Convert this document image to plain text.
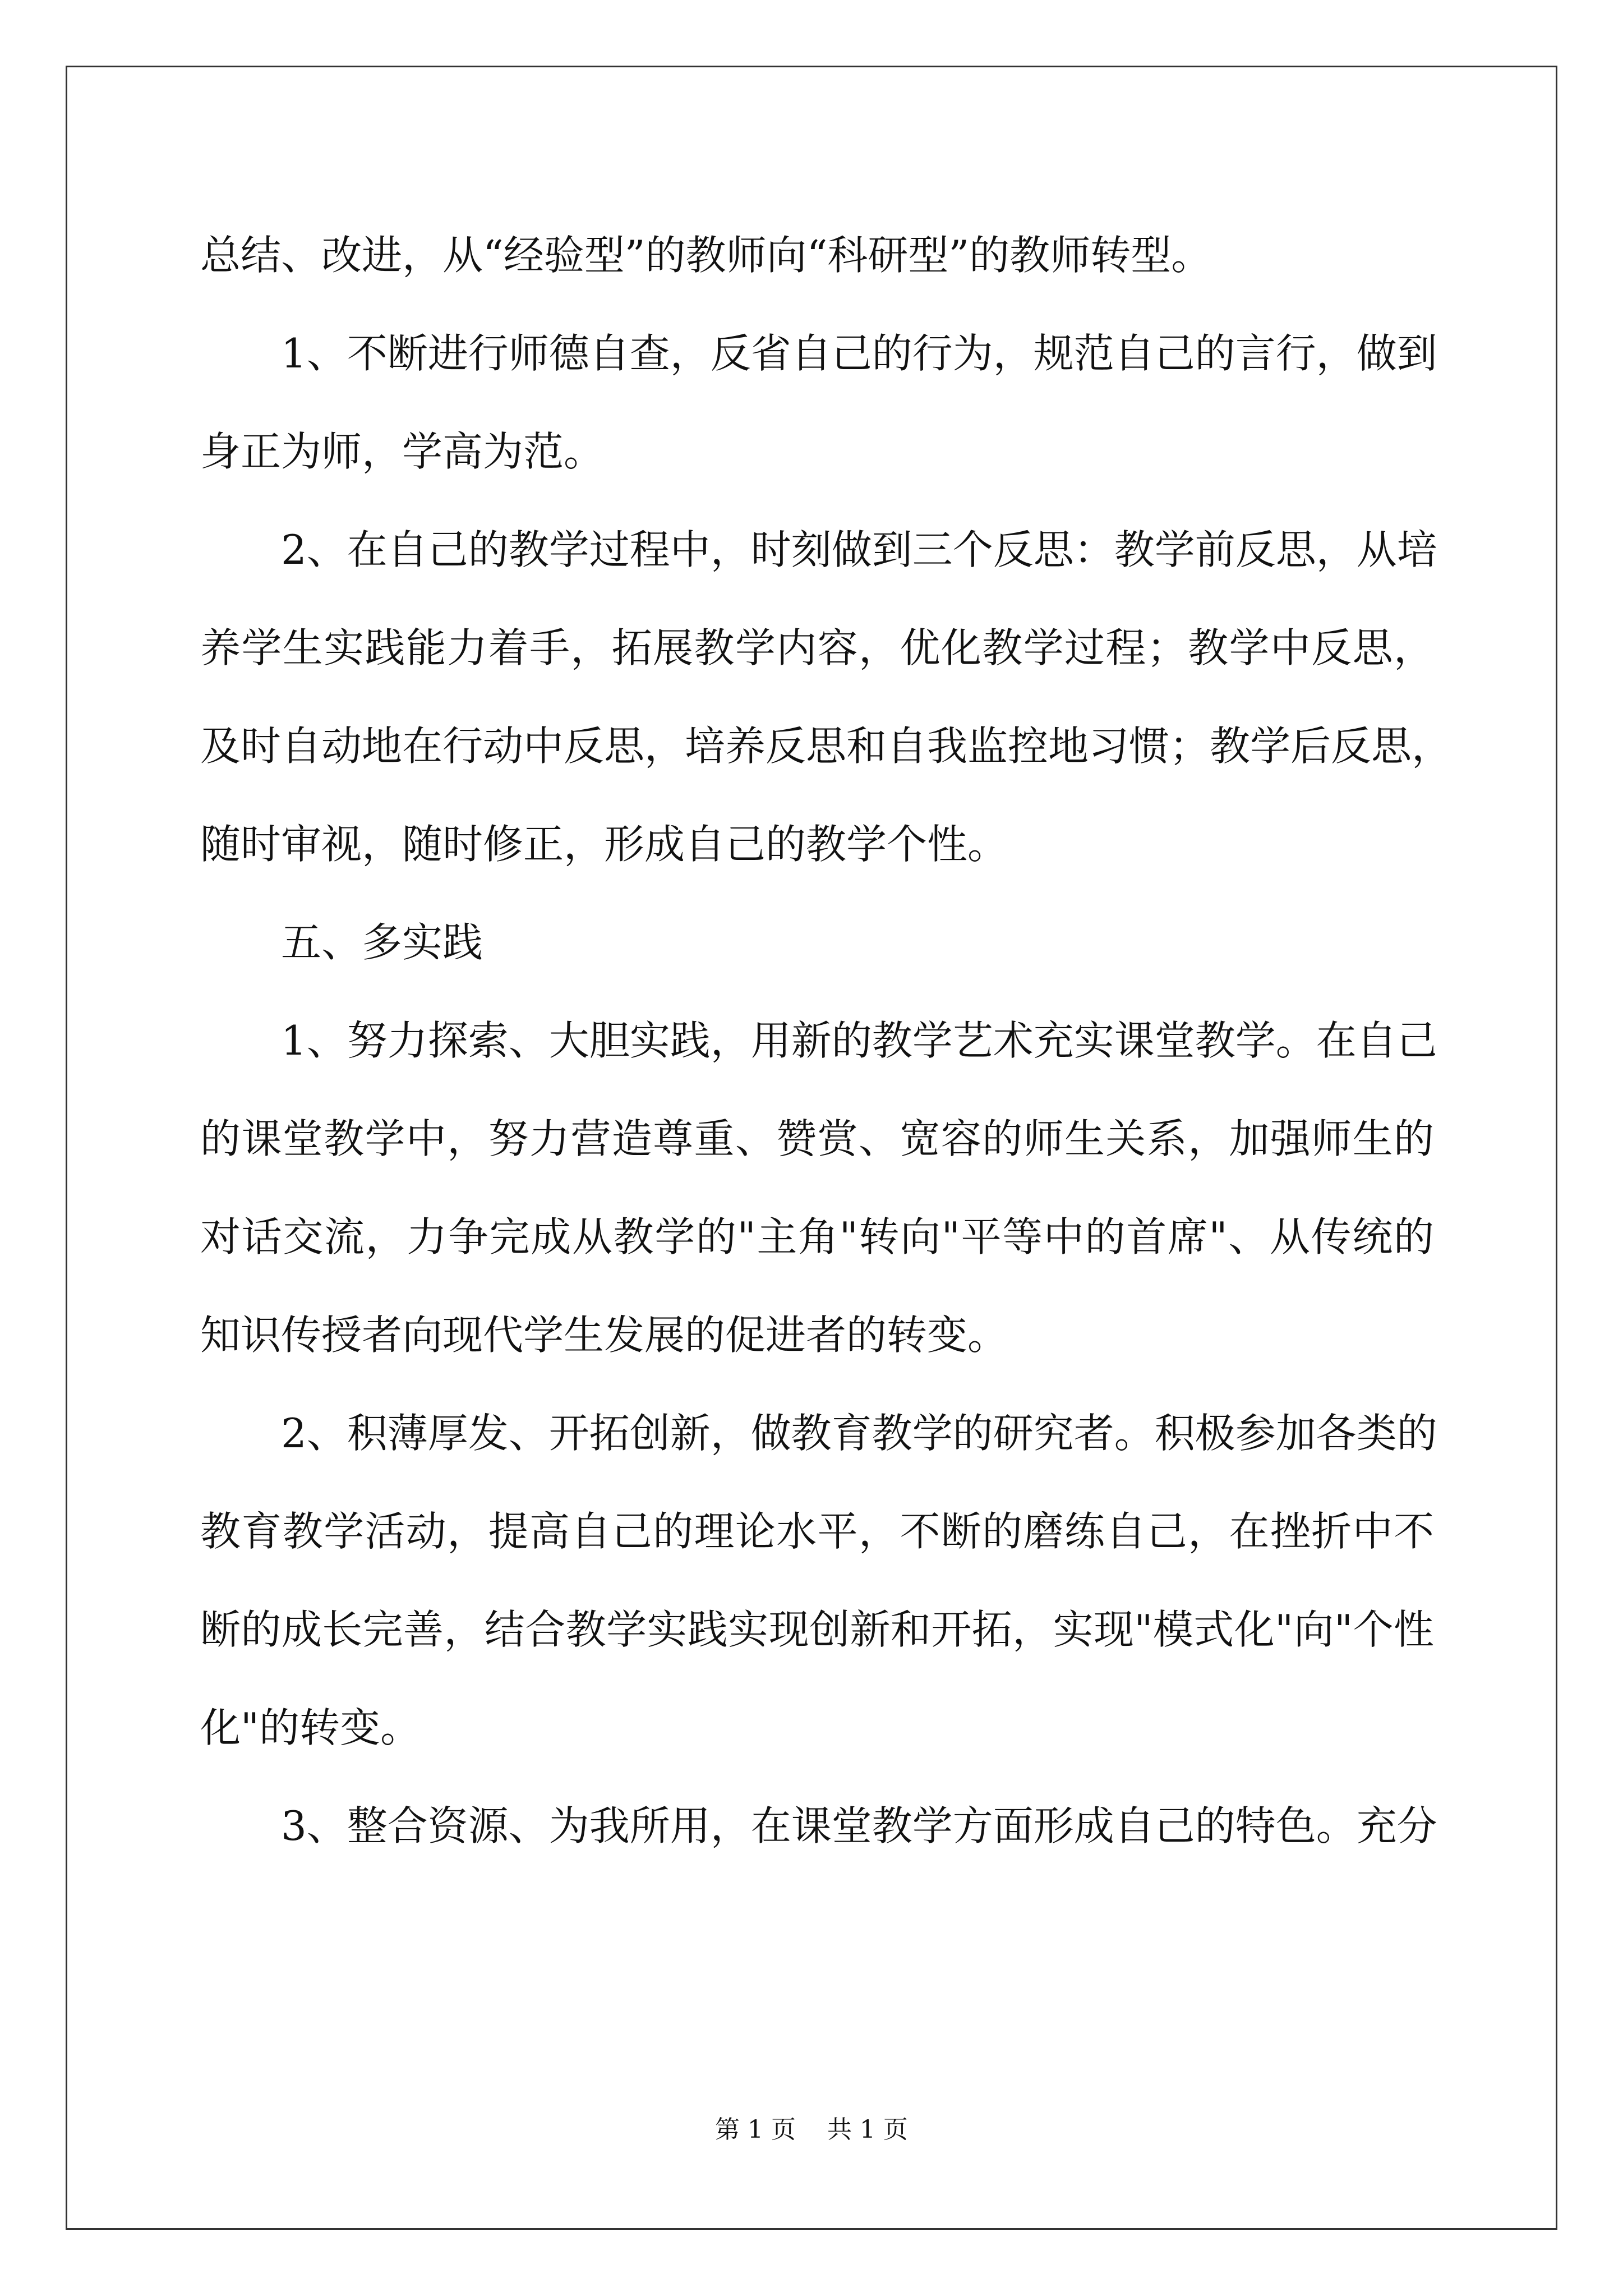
总结、改进，从“经验型”的教师向“科研型”的教师转型。
1、不断进行师德自查，反省自己的行为，规范自己的言行，做到
身正为师，学高为范。
2、在自己的教学过程中，时刻做到三个反思：教学前反思，从培
养学生实践能力着手，拓展教学内容，优化教学过程；教学中反思，
及时自动地在行动中反思，培养反思和自我监控地习惯；教学后反思，
随时审视，随时修正，形成自己的教学个性。
五、多实践
1、努力探索、大胆实践，用新的教学艺术充实课堂教学。在自己
的课堂教学中，努力营造尊重、赞赏、宽容的师生关系，加强师生的
对话交流，力争完成从教学的"主角"转向"平等中的首席"、从传统的
知识传授者向现代学生发展的促进者的转变。
2、积薄厚发、开拓创新，做教育教学的研究者。积极参加各类的
教育教学活动，提高自己的理论水平，不断的磨练自己，在挫折中不
断的成长完善，结合教学实践实现创新和开拓，实现"模式化"向"个性
化"的转变。
3、整合资源、为我所用，在课堂教学方面形成自己的特色。充分
第 1 页    共 1 页
